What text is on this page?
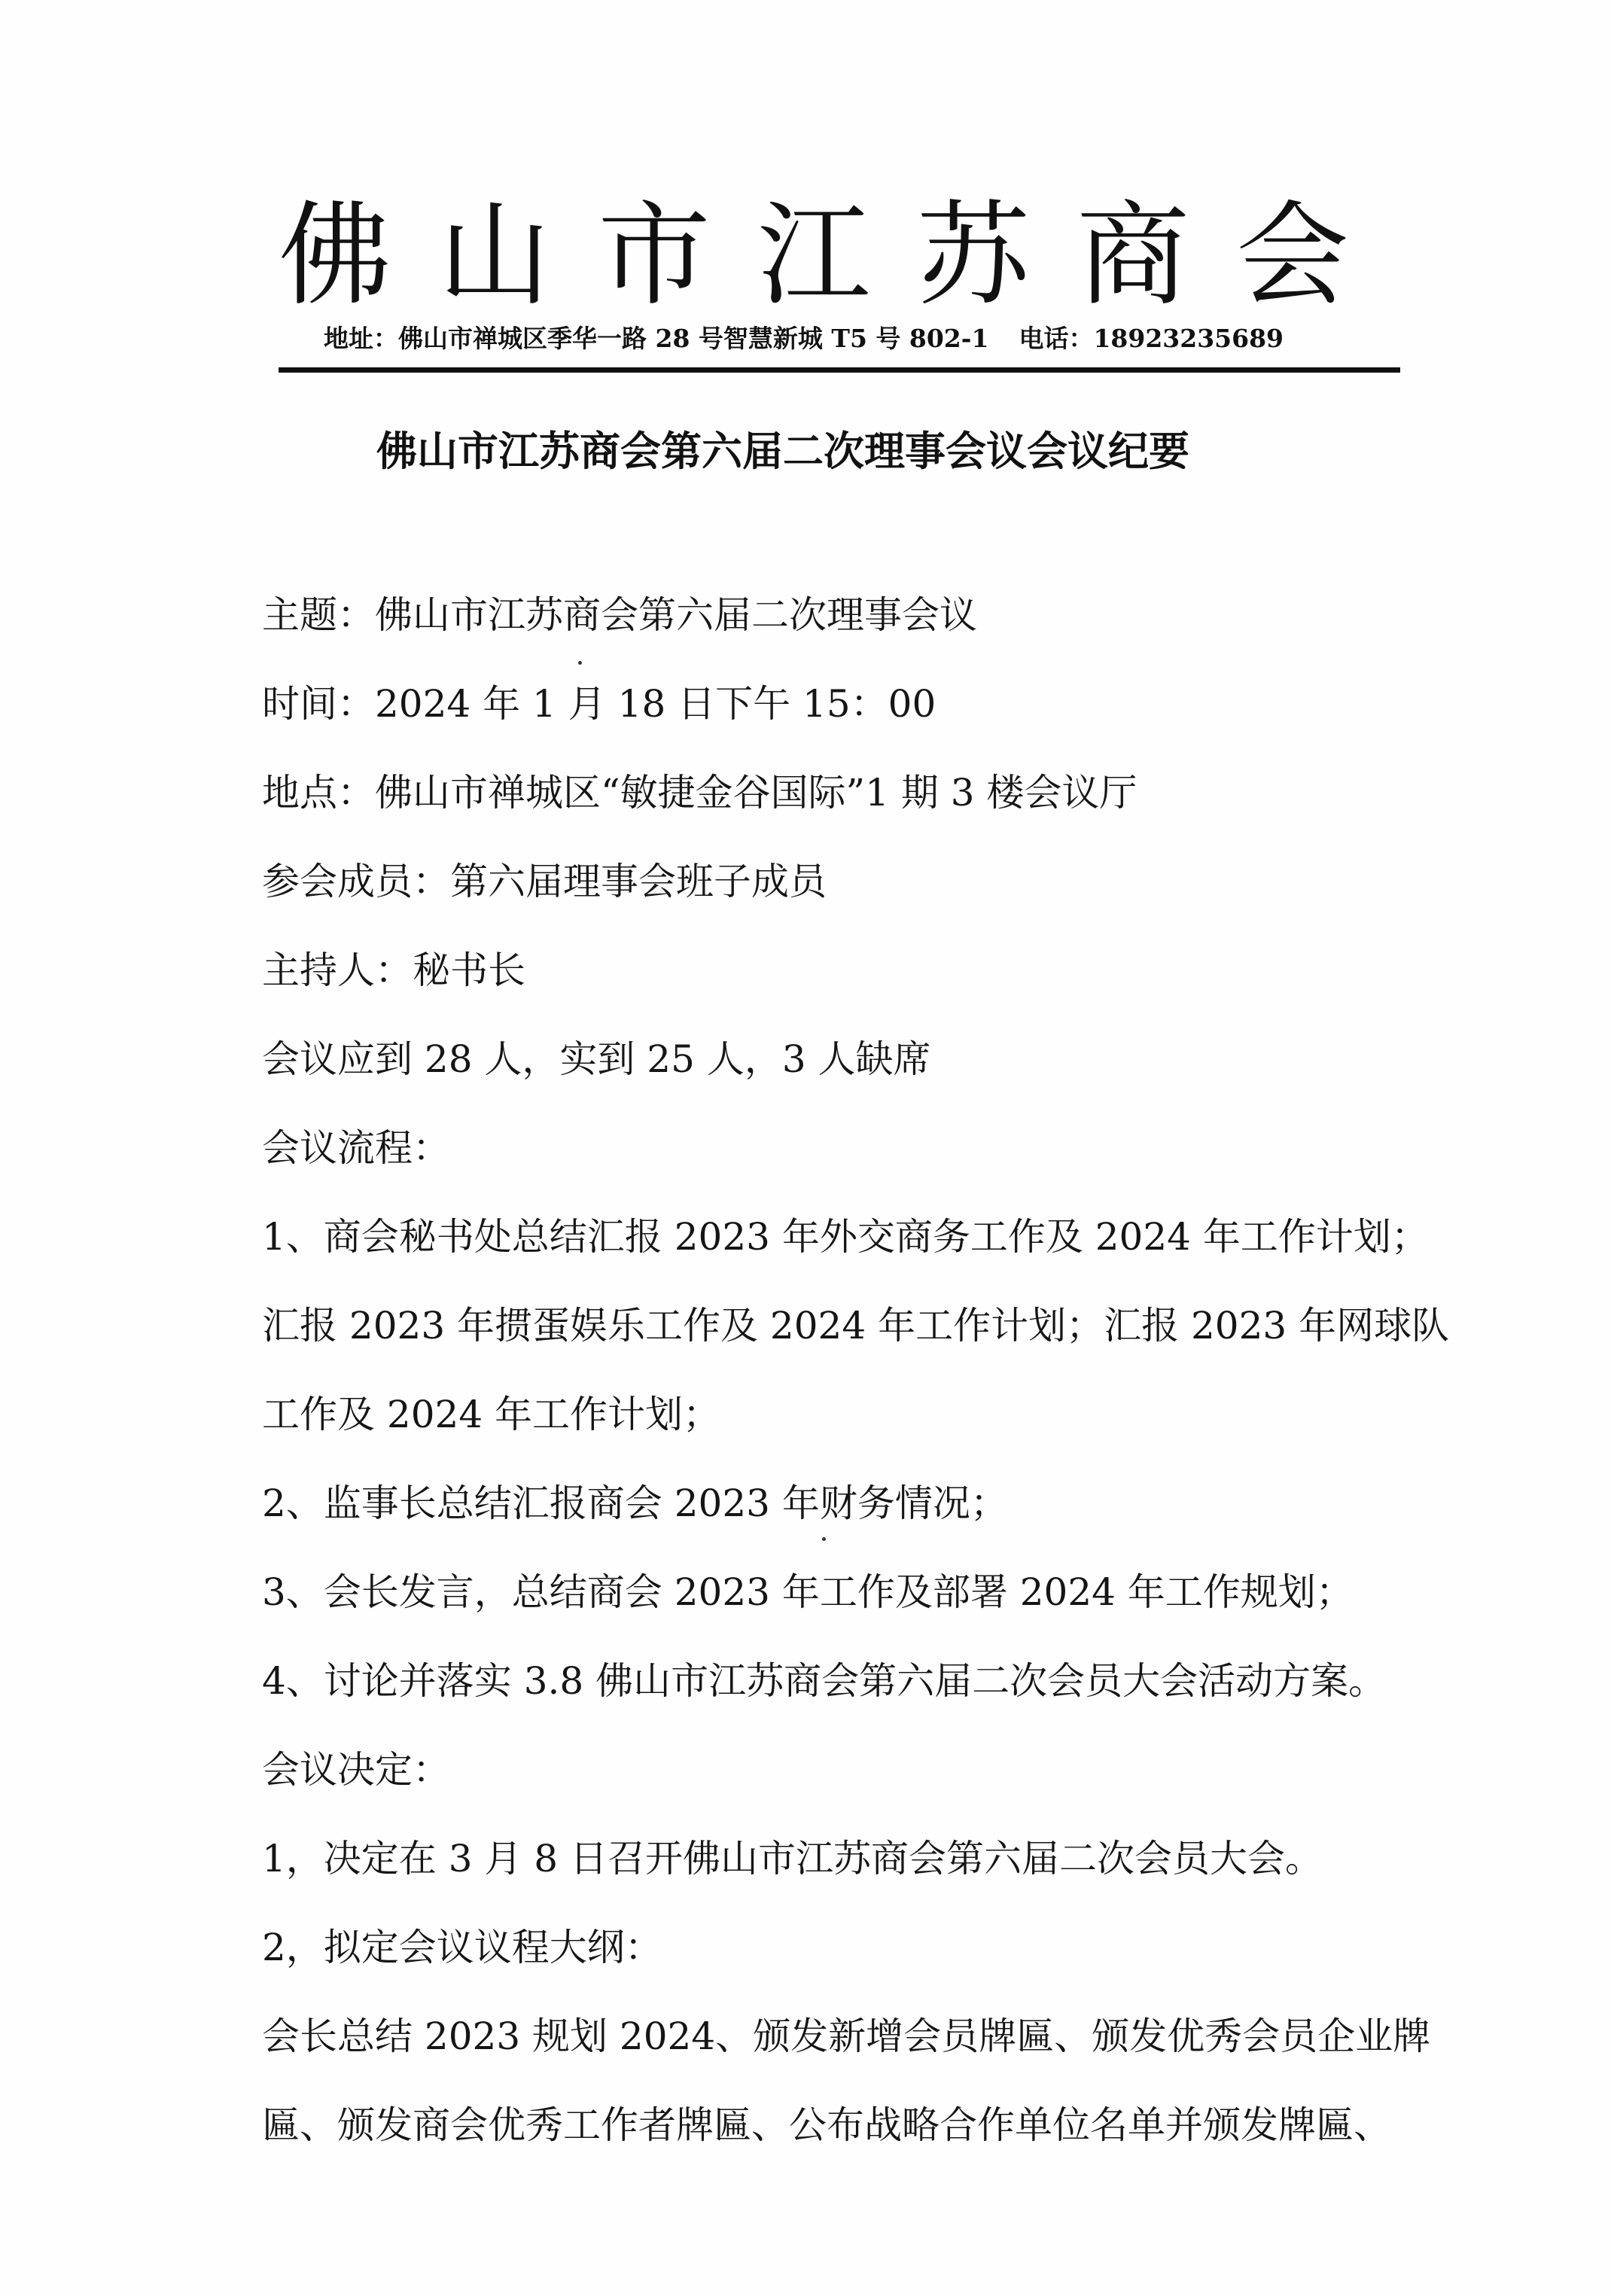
佛山市江苏商会
地址：佛山市禅城区季华一路 28 号智慧新城 T5 号 802-1 电话：18923235689
佛山市江苏商会第六届二次理事会议会议纪要
主题：佛山市江苏商会第六届二次理事会议
时间：2024 年 1 月 18 日下午 15：00
地点：佛山市禅城区“敏捷金谷国际”1 期 3 楼会议厅
参会成员：第六届理事会班子成员
主持人：秘书长
会议应到 28 人，实到 25 人，3 人缺席
会议流程：
1、商会秘书处总结汇报 2023 年外交商务工作及 2024 年工作计划；
汇报 2023 年掼蛋娱乐工作及 2024 年工作计划；汇报 2023 年网球队
工作及 2024 年工作计划；
2、监事长总结汇报商会 2023 年财务情况；
3、会长发言，总结商会 2023 年工作及部署 2024 年工作规划；
4、讨论并落实 3.8 佛山市江苏商会第六届二次会员大会活动方案。
会议决定：
1，决定在 3 月 8 日召开佛山市江苏商会第六届二次会员大会。
2，拟定会议议程大纲：
会长总结 2023 规划 2024、颁发新增会员牌匾、颁发优秀会员企业牌
匾、颁发商会优秀工作者牌匾、公布战略合作单位名单并颁发牌匾、
